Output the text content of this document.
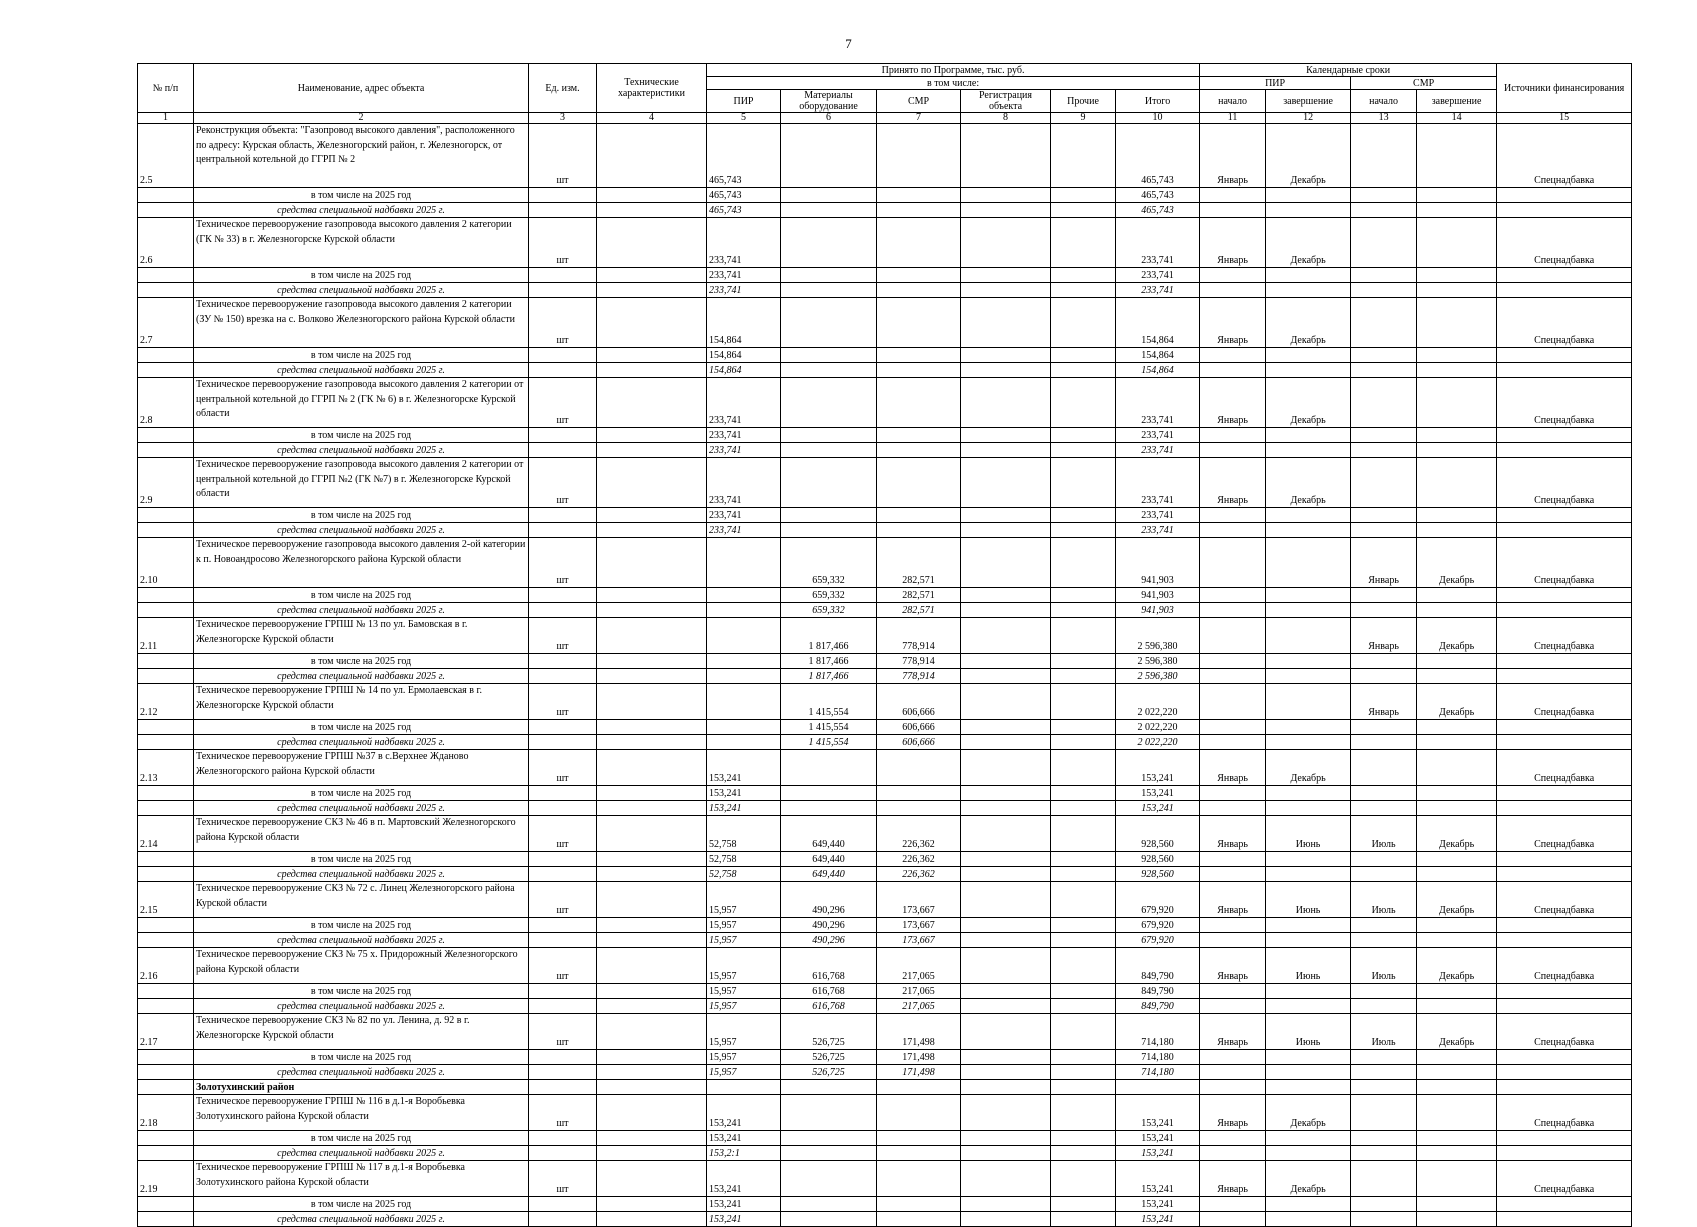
7
№ п/п	Наименование, адрес объекта	Ед. изм.	Технические характеристики	Принято по Программе, тыс. руб.						Календарные сроки				Источники финансирования
				в том числе:						ПИР		СМР		
				ПИР	Материалы оборудование	СМР	Регистрация объекта	Прочие	Итого	начало	завершение	начало	завершение	

1	2	3	4	5	6	7	8	9	10	11	12	13	14	15
2.5	Реконструкция объекта: "Газопровод высокого давления", расположенного по адресу: Курская область, Железногорский район, г. Железногорск, от центральной котельной до ГГРП № 2	шт		465,743					465,743	Январь	Декабрь			Спецнадбавка
	в том числе на 2025 год			465,743					465,743					
	средства специальной надбавки 2025 г.			465,743					465,743					
2.6	Техническое перевооружение газопровода высокого давления 2 категории (ГК № 33) в г. Железногорске Курской области	шт		233,741					233,741	Январь	Декабрь			Спецнадбавка
	в том числе на 2025 год			233,741					233,741					
	средства специальной надбавки 2025 г.			233,741					233,741					
2.7	Техническое перевооружение газопровода высокого давления 2 категории (ЗУ № 150) врезка на с. Волково Железногорского района Курской области	шт		154,864					154,864	Январь	Декабрь			Спецнадбавка
	в том числе на 2025 год			154,864					154,864					
	средства специальной надбавки 2025 г.			154,864					154,864					
2.8	Техническое перевооружение газопровода высокого давления 2 категории от центральной котельной до ГГРП № 2 (ГК № 6) в г. Железногорске Курской области	шт		233,741					233,741	Январь	Декабрь			Спецнадбавка
	в том числе на 2025 год			233,741					233,741					
	средства специальной надбавки 2025 г.			233,741					233,741					
2.9	Техническое перевооружение газопровода высокого давления 2 категории от центральной котельной до ГГРП №2 (ГК №7) в г. Железногорске Курской области	шт		233,741					233,741	Январь	Декабрь			Спецнадбавка
	в том числе на 2025 год			233,741					233,741					
	средства специальной надбавки 2025 г.			233,741					233,741					
2.10	Техническое перевооружение газопровода высокого давления 2-ой категории к п. Новоандросово Железногорского района Курской области	шт			659,332	282,571			941,903			Январь	Декабрь	Спецнадбавка
	в том числе на 2025 год				659,332	282,571			941,903					
	средства специальной надбавки 2025 г.				659,332	282,571			941,903					
2.11	Техническое перевооружение ГРПШ № 13 по ул. Бамовская в г. Железногорске Курской области	шт			1 817,466	778,914			2 596,380			Январь	Декабрь	Спецнадбавка
	в том числе на 2025 год				1 817,466	778,914			2 596,380					
	средства специальной надбавки 2025 г.				1 817,466	778,914			2 596,380					
2.12	Техническое перевооружение ГРПШ № 14 по ул. Ермолаевская в г. Железногорске Курской области	шт			1 415,554	606,666			2 022,220			Январь	Декабрь	Спецнадбавка
	в том числе на 2025 год				1 415,554	606,666			2 022,220					
	средства специальной надбавки 2025 г.				1 415,554	606,666			2 022,220					
2.13	Техническое перевооружение ГРПШ №37 в с.Верхнее Жданово Железногорского района Курской области	шт		153,241					153,241	Январь	Декабрь			Спецнадбавка
	в том числе на 2025 год			153,241					153,241					
	средства специальной надбавки 2025 г.			153,241					153,241					
2.14	Техническое перевооружение СКЗ № 46 в п. Мартовский Железногорского района Курской области	шт		52,758	649,440	226,362			928,560	Январь	Июнь	Июль	Декабрь	Спецнадбавка
	в том числе на 2025 год			52,758	649,440	226,362			928,560					
	средства специальной надбавки 2025 г.			52,758	649,440	226,362			928,560					
2.15	Техническое перевооружение СКЗ № 72 с. Линец Железногорского района Курской области	шт		15,957	490,296	173,667			679,920	Январь	Июнь	Июль	Декабрь	Спецнадбавка
	в том числе на 2025 год			15,957	490,296	173,667			679,920					
	средства специальной надбавки 2025 г.			15,957	490,296	173,667			679,920					
2.16	Техническое перевооружение СКЗ № 75 х. Придорожный Железногорского района Курской области	шт		15,957	616,768	217,065			849,790	Январь	Июнь	Июль	Декабрь	Спецнадбавка
	в том числе на 2025 год			15,957	616,768	217,065			849,790					
	средства специальной надбавки 2025 г.			15,957	616,768	217,065			849,790					
2.17	Техническое перевооружение СКЗ № 82 по ул. Ленина, д. 92 в г. Железногорске Курской области	шт		15,957	526,725	171,498			714,180	Январь	Июнь	Июль	Декабрь	Спецнадбавка
	в том числе на 2025 год			15,957	526,725	171,498			714,180					
	средства специальной надбавки 2025 г.			15,957	526,725	171,498			714,180					
	Золотухинский район													
2.18	Техническое перевооружение ГРПШ № 116 в д.1-я Воробьевка Золотухинского района Курской области	шт		153,241					153,241	Январь	Декабрь			Спецнадбавка
	в том числе на 2025 год			153,241					153,241					
	средства специальной надбавки 2025 г.			153,2:1					153,241					
2.19	Техническое перевооружение ГРПШ № 117 в д.1-я Воробьевка Золотухинского района Курской области	шт		153,241					153,241	Январь	Декабрь			Спецнадбавка
	в том числе на 2025 год			153,241					153,241					
	средства специальной надбавки 2025 г.			153,241					153,241					
